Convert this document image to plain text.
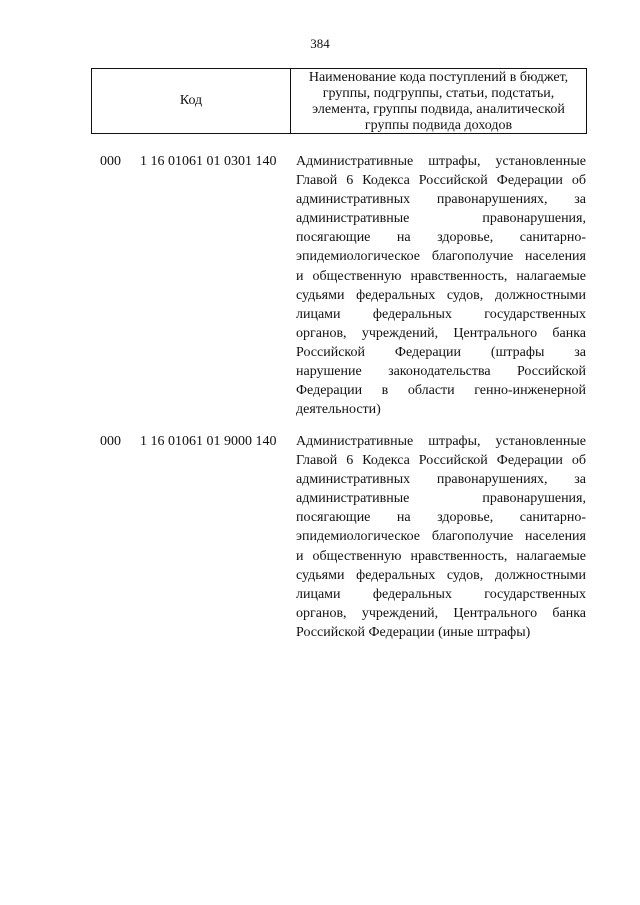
384
Код
Наименование кода поступлений в бюджет,
группы, подгруппы, статьи, подстатьи,
элемента, группы подвида, аналитической
группы подвида доходов
000 1 16 01061 01 0301 140 Административные штрафы, установленные
Главой 6 Кодекса Российской Федерации об
административных правонарушениях, за
административные правонарушения,
посягающие на здоровье, санитарно-
эпидемиологическое благополучие населения
и общественную нравственность, налагаемые
судьями федеральных судов, должностными
лицами федеральных государственных
органов, учреждений, Центрального банка
Российской Федерации (штрафы за
нарушение законодательства Российской
Федерации в области генно-инженерной
деятельности)
000 1 16 01061 01 9000 140 Административные штрафы, установленные
Главой 6 Кодекса Российской Федерации об
административных правонарушениях, за
административные правонарушения,
посягающие на здоровье, санитарно-
эпидемиологическое благополучие населения
и общественную нравственность, налагаемые
судьями федеральных судов, должностными
лицами федеральных государственных
органов, учреждений, Центрального банка
Российской Федерации (иные штрафы)
